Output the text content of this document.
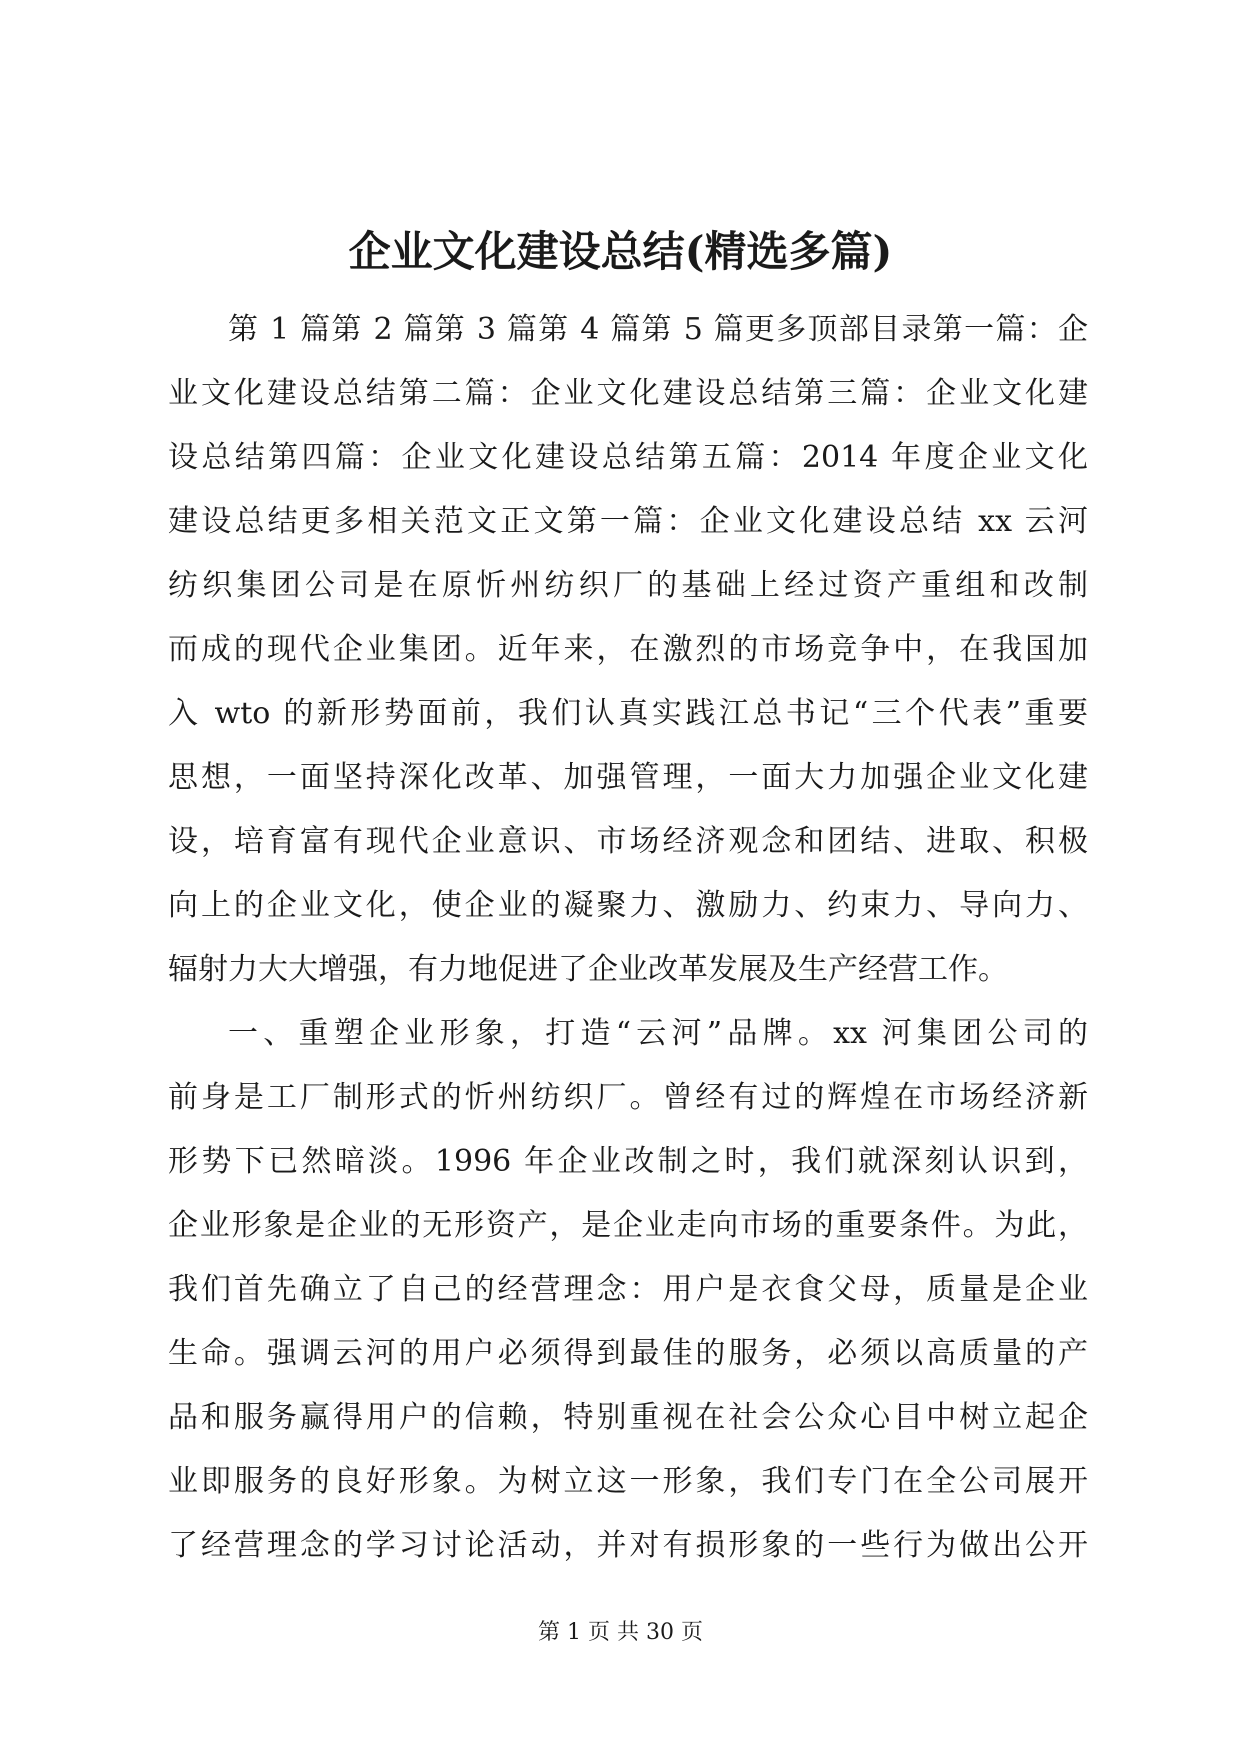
企业文化建设总结(精选多篇)
第 1 篇第 2 篇第 3 篇第 4 篇第 5 篇更多顶部目录第一篇：企
业文化建设总结第二篇：企业文化建设总结第三篇：企业文化建
设总结第四篇：企业文化建设总结第五篇：2014 年度企业文化
建设总结更多相关范文正文第一篇：企业文化建设总结 xx 云河
纺织集团公司是在原忻州纺织厂的基础上经过资产重组和改制
而成的现代企业集团。近年来，在激烈的市场竞争中，在我国加
入 wto 的新形势面前，我们认真实践江总书记“三个代表”重要
思想，一面坚持深化改革、加强管理，一面大力加强企业文化建
设，培育富有现代企业意识、市场经济观念和团结、进取、积极
向上的企业文化，使企业的凝聚力、激励力、约束力、导向力、
辐射力大大增强，有力地促进了企业改革发展及生产经营工作。
一、重塑企业形象，打造“云河”品牌。xx 河集团公司的
前身是工厂制形式的忻州纺织厂。曾经有过的辉煌在市场经济新
形势下已然暗淡。1996 年企业改制之时，我们就深刻认识到，
企业形象是企业的无形资产，是企业走向市场的重要条件。为此，
我们首先确立了自己的经营理念：用户是衣食父母，质量是企业
生命。强调云河的用户必须得到最佳的服务，必须以高质量的产
品和服务赢得用户的信赖，特别重视在社会公众心目中树立起企
业即服务的良好形象。为树立这一形象，我们专门在全公司展开
了经营理念的学习讨论活动，并对有损形象的一些行为做出公开

第 1 页 共 30 页
